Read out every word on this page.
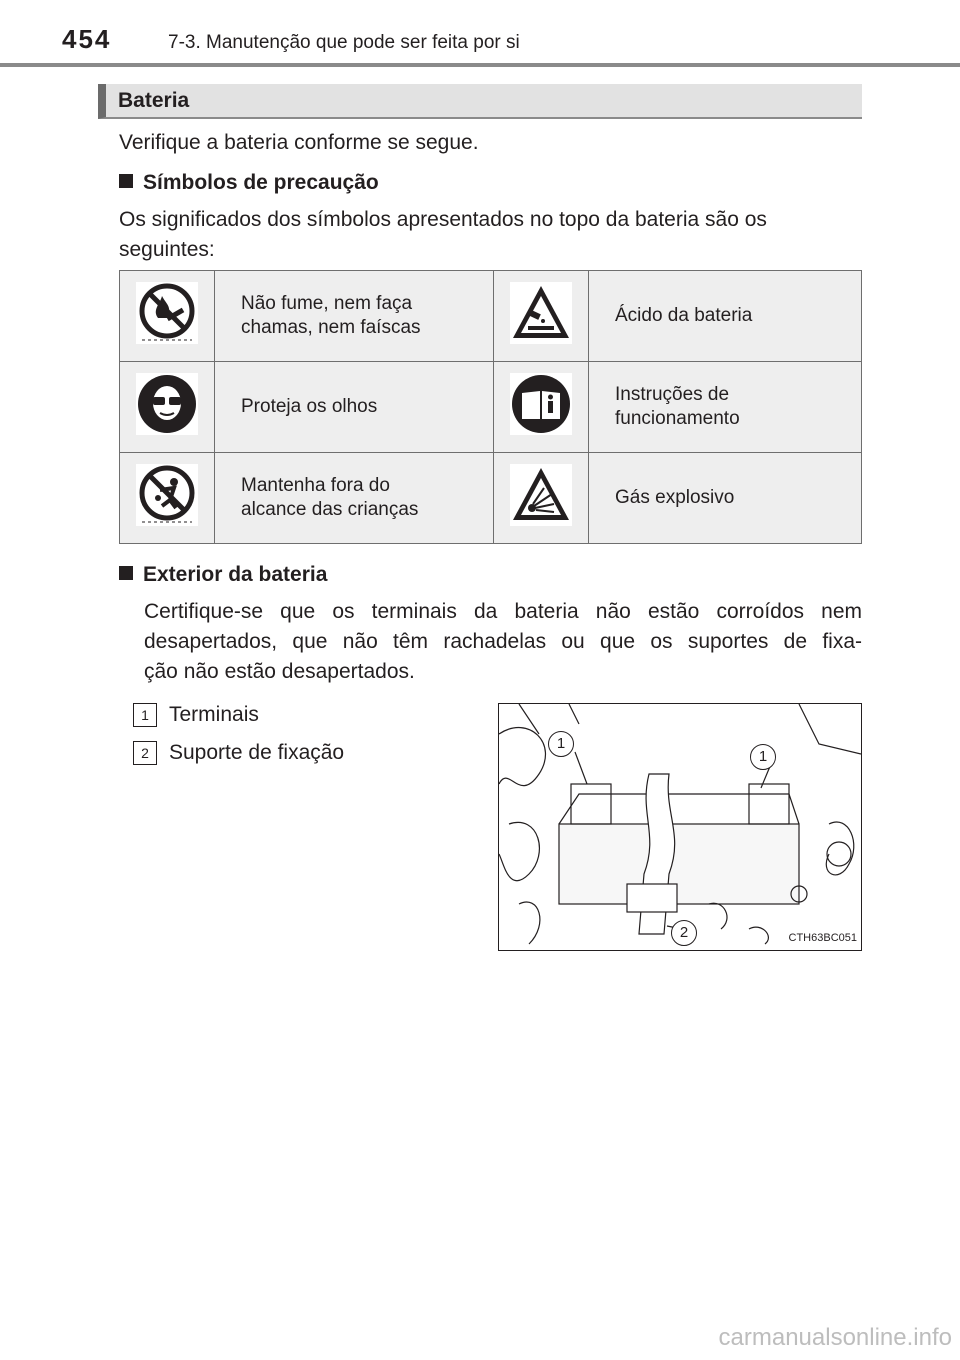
454	7-3. Manutenção que pode ser feita por si
Bateria

Verifique a bateria conforme se segue.

Símbolos de precaução

Os significados dos símbolos apresentados no topo da bateria são os

seguintes:

Não fume, nem faça
chamas, nem faíscas		Ácido da bateria

Proteja os olhos		Instruções de
funcionamento

Mantenha fora do
alcance das crianças		Gás explosivo

Exterior da bateria

Certifique-se que os terminais da bateria não estão corroídos nem

desapertados, que não têm rachadelas ou que os suportes de fixa-

ção não estão desapertados.

1 Terminais

2 Suporte de fixação	1
1
2	CTH63BC051
carmanualsonline.info
